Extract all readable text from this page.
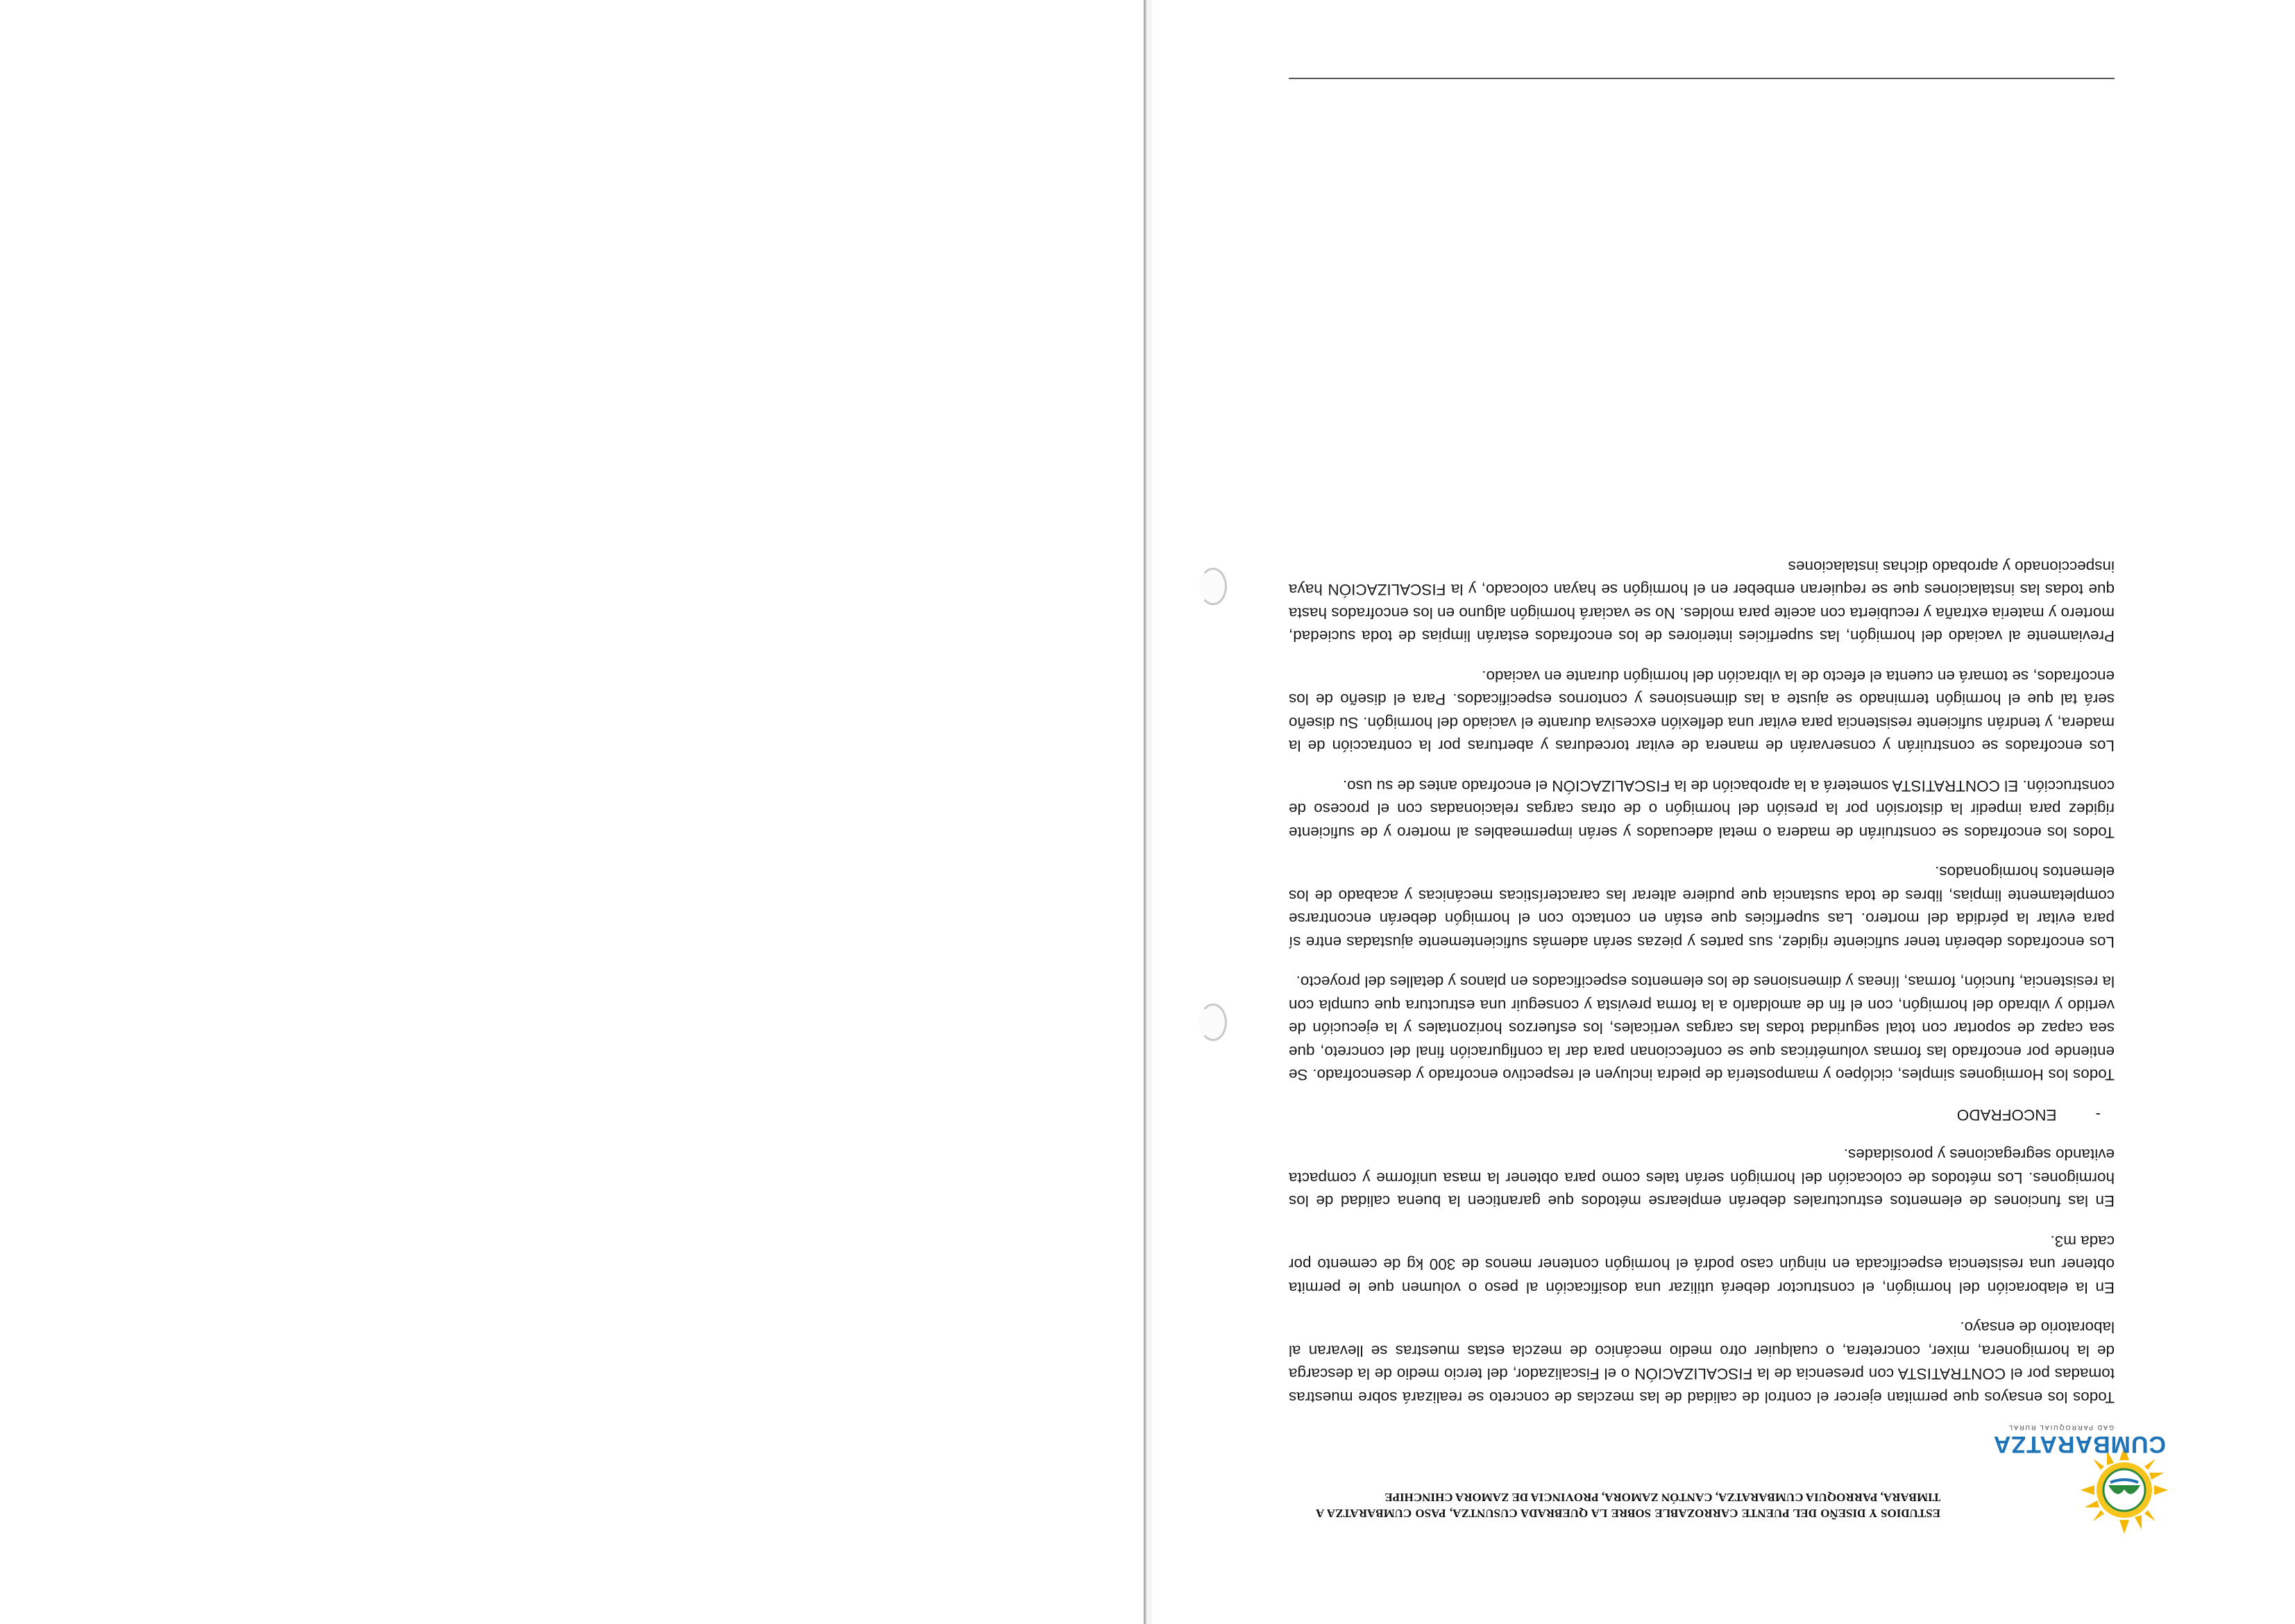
CUMBARATZA
GAD PARROQUIAL RURAL
ESTUDIOS Y DISEÑO DEL PUENTE CARROZABLE SOBRE LA QUEBRADA CUSUNTZA, PASO CUMBARATZA A TIMBARA, PARROQUIA CUMBARATZA, CANTÓN ZAMORA, PROVINCIA DE ZAMORA CHINCHIPE

Todos los ensayos que permitan ejercer el control de calidad de las mezclas de concreto se realizará sobre muestras tomadas por el CONTRATISTA con presencia de la FISCALIZACIÓN o el Fiscalizador, del tercio medio de la descarga de la hormigonera, mixer, concretera, o cualquier otro medio mecánico de mezcla estas muestras se llevaran al laboratorio de ensayo.

En la elaboración del hormigón, el constructor deberá utilizar una dosificación al peso o volumen que le permita obtener una resistencia especificada en ningún caso podrá el hormigón contener menos de 300 kg de cemento por cada m3.

En las funciones de elementos estructurales deberán emplearse métodos que garanticen la buena calidad de los hormigones. Los métodos de colocación del hormigón serán tales como para obtener la masa uniforme y compacta evitando segregaciones y porosidades.

-ENCOFRADO

Todos los Hormigones simples, ciclópeo y mampostería de piedra incluyen el respectivo encofrado y desencofrado. Se entiende por encofrado las formas volumétricas que se confeccionan para dar la configuración final del concreto, que sea capaz de soportar con total seguridad todas las cargas verticales, los esfuerzos horizontales y la ejecución de vertido y vibrado del hormigón, con el fin de amoldarlo a la forma prevista y conseguir una estructura que cumpla con la resistencia, función, formas, líneas y dimensiones de los elementos especificados en planos y detalles del proyecto.

Los encofrados deberán tener suficiente rigidez, sus partes y piezas serán además suficientemente ajustadas entre sí para evitar la pérdida del mortero. Las superficies que están en contacto con el hormigón deberán encontrarse completamente limpias, libres de toda sustancia que pudiere alterar las características mecánicas y acabado de los elementos hormigonados.

Todos los encofrados se construirán de madera o metal adecuados y serán impermeables al mortero y de suficiente rigidez para impedir la distorsión por la presión del hormigón o de otras cargas relacionadas con el proceso de construcción. El CONTRATISTA someterá a la aprobación de la FISCALIZACIÓN el encofrado antes de su uso.

Los encofrados se construirán y conservarán de manera de evitar torceduras y aberturas por la contracción de la madera, y tendrán suficiente resistencia para evitar una deflexión excesiva durante el vaciado del hormigón. Su diseño será tal que el hormigón terminado se ajuste a las dimensiones y contornos especificados. Para el diseño de los encofrados, se tomará en cuenta el efecto de la vibración del hormigón durante en vaciado.

Previamente al vaciado del hormigón, las superficies interiores de los encofrados estarán limpias de toda suciedad, mortero y materia extraña y recubierta con aceite para moldes. No se vaciará hormigón alguno en los encofrados hasta que todas las instalaciones que se requieran embeber en el hormigón se hayan colocado, y la FISCALIZACIÓN haya inspeccionado y aprobado dichas instalaciones
